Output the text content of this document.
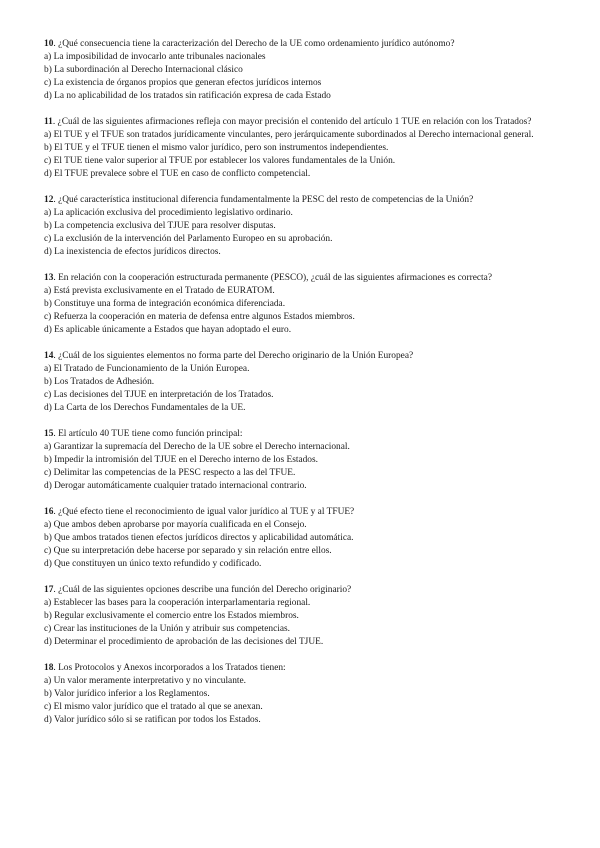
10. ¿Qué consecuencia tiene la caracterización del Derecho de la UE como ordenamiento jurídico autónomo?
a) La imposibilidad de invocarlo ante tribunales nacionales
b) La subordinación al Derecho Internacional clásico
c) La existencia de órganos propios que generan efectos jurídicos internos
d) La no aplicabilidad de los tratados sin ratificación expresa de cada Estado
11. ¿Cuál de las siguientes afirmaciones refleja con mayor precisión el contenido del artículo 1 TUE en relación con los Tratados?
a) El TUE y el TFUE son tratados jurídicamente vinculantes, pero jerárquicamente subordinados al Derecho internacional general.
b) El TUE y el TFUE tienen el mismo valor jurídico, pero son instrumentos independientes.
c) El TUE tiene valor superior al TFUE por establecer los valores fundamentales de la Unión.
d) El TFUE prevalece sobre el TUE en caso de conflicto competencial.
12. ¿Qué característica institucional diferencia fundamentalmente la PESC del resto de competencias de la Unión?
a) La aplicación exclusiva del procedimiento legislativo ordinario.
b) La competencia exclusiva del TJUE para resolver disputas.
c) La exclusión de la intervención del Parlamento Europeo en su aprobación.
d) La inexistencia de efectos jurídicos directos.
13. En relación con la cooperación estructurada permanente (PESCO), ¿cuál de las siguientes afirmaciones es correcta?
a) Está prevista exclusivamente en el Tratado de EURATOM.
b) Constituye una forma de integración económica diferenciada.
c) Refuerza la cooperación en materia de defensa entre algunos Estados miembros.
d) Es aplicable únicamente a Estados que hayan adoptado el euro.
14. ¿Cuál de los siguientes elementos no forma parte del Derecho originario de la Unión Europea?
a) El Tratado de Funcionamiento de la Unión Europea.
b) Los Tratados de Adhesión.
c) Las decisiones del TJUE en interpretación de los Tratados.
d) La Carta de los Derechos Fundamentales de la UE.
15. El artículo 40 TUE tiene como función principal:
a) Garantizar la supremacía del Derecho de la UE sobre el Derecho internacional.
b) Impedir la intromisión del TJUE en el Derecho interno de los Estados.
c) Delimitar las competencias de la PESC respecto a las del TFUE.
d) Derogar automáticamente cualquier tratado internacional contrario.
16. ¿Qué efecto tiene el reconocimiento de igual valor jurídico al TUE y al TFUE?
a) Que ambos deben aprobarse por mayoría cualificada en el Consejo.
b) Que ambos tratados tienen efectos jurídicos directos y aplicabilidad automática.
c) Que su interpretación debe hacerse por separado y sin relación entre ellos.
d) Que constituyen un único texto refundido y codificado.
17. ¿Cuál de las siguientes opciones describe una función del Derecho originario?
a) Establecer las bases para la cooperación interparlamentaria regional.
b) Regular exclusivamente el comercio entre los Estados miembros.
c) Crear las instituciones de la Unión y atribuir sus competencias.
d) Determinar el procedimiento de aprobación de las decisiones del TJUE.
18. Los Protocolos y Anexos incorporados a los Tratados tienen:
a) Un valor meramente interpretativo y no vinculante.
b) Valor jurídico inferior a los Reglamentos.
c) El mismo valor jurídico que el tratado al que se anexan.
d) Valor jurídico sólo si se ratifican por todos los Estados.
